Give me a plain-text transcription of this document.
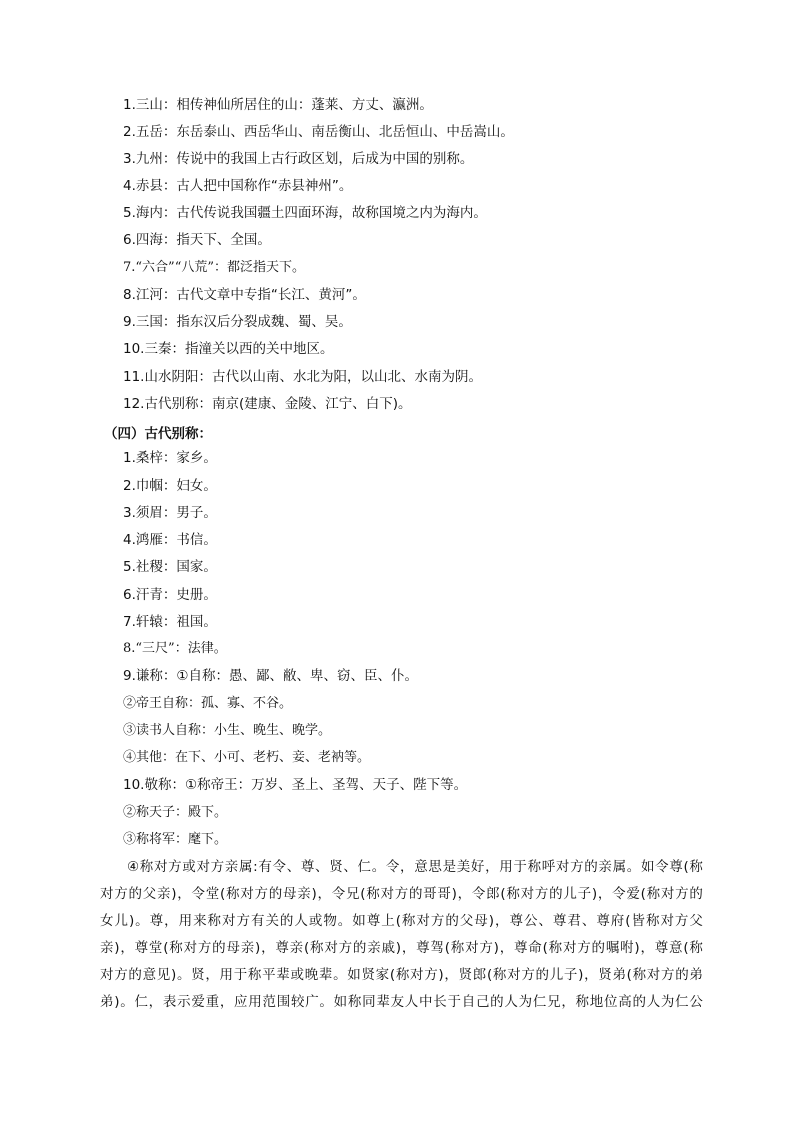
1.三山：相传神仙所居住的山：蓬莱、方丈、瀛洲。
2.五岳：东岳泰山、西岳华山、南岳衡山、北岳恒山、中岳嵩山。
3.九州：传说中的我国上古行政区划，后成为中国的别称。
4.赤县：古人把中国称作“赤县神州”。
5.海内：古代传说我国疆土四面环海，故称国境之内为海内。
6.四海：指天下、全国。
7.“六合”“八荒”：都泛指天下。
8.江河：古代文章中专指“长江、黄河”。
9.三国：指东汉后分裂成魏、蜀、吴。
10.三秦：指潼关以西的关中地区。
11.山水阴阳：古代以山南、水北为阳，以山北、水南为阴。
12.古代别称：南京(建康、金陵、江宁、白下)。
（四）古代别称：
1.桑梓：家乡。
2.巾帼：妇女。
3.须眉：男子。
4.鸿雁：书信。
5.社稷：国家。
6.汗青：史册。
7.轩辕：祖国。
8.“三尺”：法律。
9.谦称：①自称：愚、鄙、敝、卑、窃、臣、仆。
②帝王自称：孤、寡、不谷。
③读书人自称：小生、晚生、晚学。
④其他：在下、小可、老朽、妾、老衲等。
10.敬称：①称帝王：万岁、圣上、圣驾、天子、陛下等。
②称天子：殿下。
③称将军：麾下。
④称对方或对方亲属:有令、尊、贤、仁。令，意思是美好，用于称呼对方的亲属。如令尊(称
对方的父亲)，令堂(称对方的母亲)，令兄(称对方的哥哥)，令郎(称对方的儿子)，令爱(称对方的
女儿)。尊，用来称对方有关的人或物。如尊上(称对方的父母)，尊公、尊君、尊府(皆称对方父
亲)，尊堂(称对方的母亲)，尊亲(称对方的亲戚)，尊驾(称对方)，尊命(称对方的嘱咐)，尊意(称
对方的意见)。贤，用于称平辈或晚辈。如贤家(称对方)，贤郎(称对方的儿子)，贤弟(称对方的弟
弟)。仁，表示爱重，应用范围较广。如称同辈友人中长于自己的人为仁兄，称地位高的人为仁公
